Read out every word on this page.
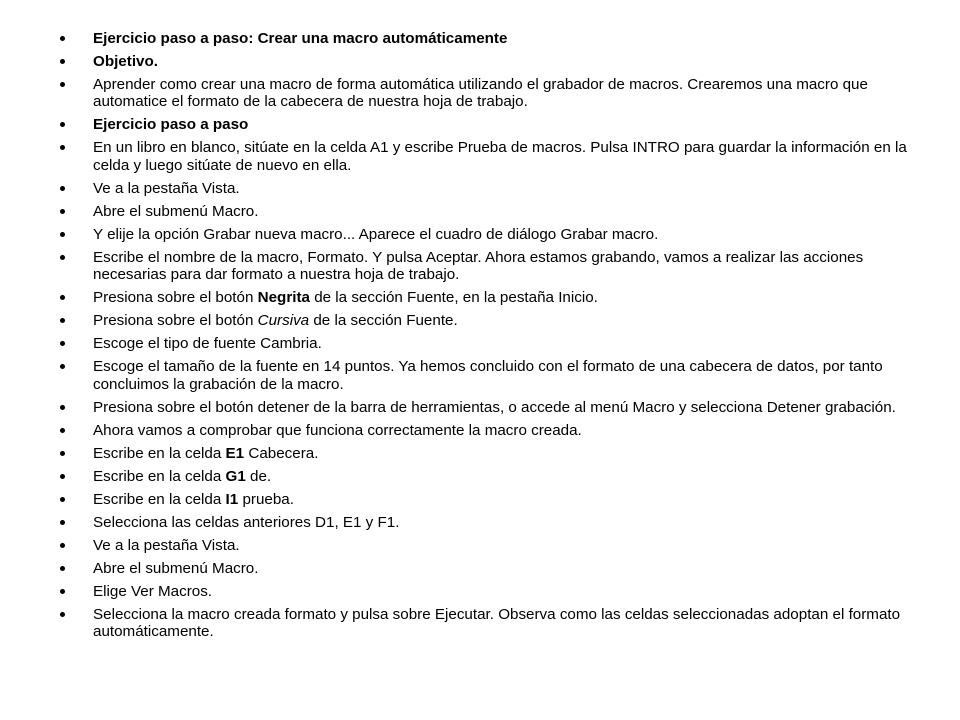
Ejercicio paso a paso: Crear una macro automáticamente
Objetivo.
Aprender como crear una macro de forma automática utilizando el grabador de macros. Crearemos una macro que automatice el formato de la cabecera de nuestra hoja de trabajo.
Ejercicio paso a paso
En un libro en blanco, sitúate en la celda A1 y escribe Prueba de macros. Pulsa INTRO para guardar la información en la celda y luego sitúate de nuevo en ella.
Ve a la pestaña Vista.
Abre el submenú Macro.
Y elije la opción Grabar nueva macro... Aparece el cuadro de diálogo Grabar macro.
Escribe el nombre de la macro, Formato. Y pulsa Aceptar. Ahora estamos grabando, vamos a realizar las acciones necesarias para dar formato a nuestra hoja de trabajo.
Presiona sobre el botón Negrita de la sección Fuente, en la pestaña Inicio.
Presiona sobre el botón Cursiva de la sección Fuente.
Escoge el tipo de fuente Cambria.
Escoge el tamaño de la fuente en 14 puntos. Ya hemos concluido con el formato de una cabecera de datos, por tanto concluimos la grabación de la macro.
Presiona sobre el botón detener de la barra de herramientas, o accede al menú Macro y selecciona Detener grabación.
Ahora vamos a comprobar que funciona correctamente la macro creada.
Escribe en la celda E1 Cabecera.
Escribe en la celda G1 de.
Escribe en la celda I1 prueba.
Selecciona las celdas anteriores D1, E1 y F1.
Ve a la pestaña Vista.
Abre el submenú Macro.
Elige Ver Macros.
Selecciona la macro creada formato y pulsa sobre Ejecutar. Observa como las celdas seleccionadas adoptan el formato automáticamente.
